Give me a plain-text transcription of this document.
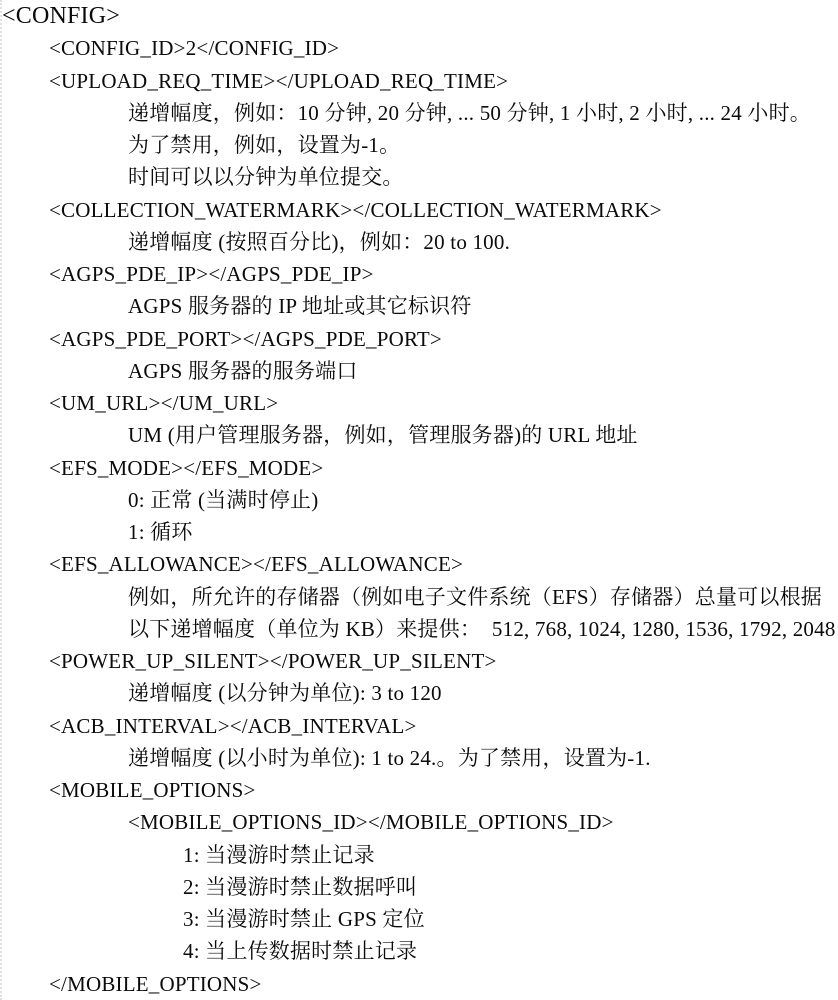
<CONFIG>
<CONFIG_ID>2</CONFIG_ID>
<UPLOAD_REQ_TIME></UPLOAD_REQ_TIME>
递增幅度，例如：10 分钟, 20 分钟, ... 50 分钟, 1 小时, 2 小时, ... 24 小时。
为了禁用，例如，设置为-1。
时间可以以分钟为单位提交。
<COLLECTION_WATERMARK></COLLECTION_WATERMARK>
递增幅度 (按照百分比)，例如：20 to 100.
<AGPS_PDE_IP></AGPS_PDE_IP>
AGPS 服务器的 IP 地址或其它标识符
<AGPS_PDE_PORT></AGPS_PDE_PORT>
AGPS 服务器的服务端口
<UM_URL></UM_URL>
UM (用户管理服务器，例如，管理服务器)的 URL 地址
<EFS_MODE></EFS_MODE>
0: 正常 (当满时停止)
1: 循环
<EFS_ALLOWANCE></EFS_ALLOWANCE>
例如，所允许的存储器（例如电子文件系统（EFS）存储器）总量可以根据
以下递增幅度（单位为 KB）来提供：  512, 768, 1024, 1280, 1536, 1792, 2048
<POWER_UP_SILENT></POWER_UP_SILENT>
递增幅度 (以分钟为单位): 3 to 120
<ACB_INTERVAL></ACB_INTERVAL>
递增幅度 (以小时为单位): 1 to 24.。为了禁用，设置为-1.
<MOBILE_OPTIONS>
<MOBILE_OPTIONS_ID></MOBILE_OPTIONS_ID>
1: 当漫游时禁止记录
2: 当漫游时禁止数据呼叫
3: 当漫游时禁止 GPS 定位
4: 当上传数据时禁止记录
</MOBILE_OPTIONS>
